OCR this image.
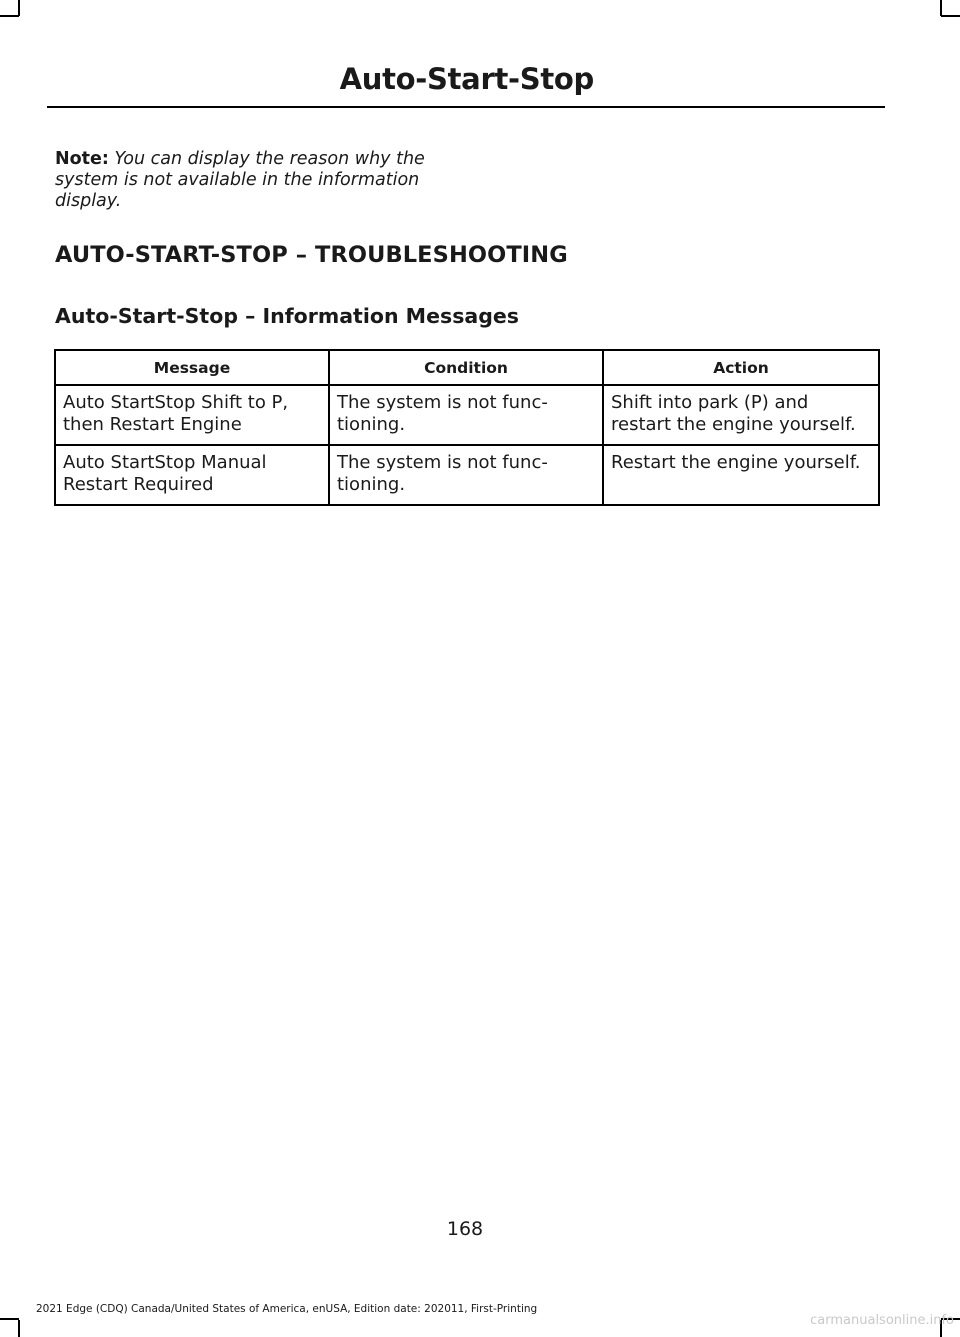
Auto-Start-Stop
Note: You can display the reason why the system is not available in the information display.
AUTO-START-STOP – TROUBLESHOOTING
Auto-Start-Stop – Information Messages
Message	Condition	Action
Auto StartStop Shift to P, then Restart Engine	The system is not func-tioning.	Shift into park (P) and restart the engine yourself.
Auto StartStop Manual Restart Required	The system is not func-tioning.	Restart the engine yourself.
168
2021 Edge (CDQ) Canada/United States of America, enUSA, Edition date: 202011, First-Printing
carmanualsonline.info
